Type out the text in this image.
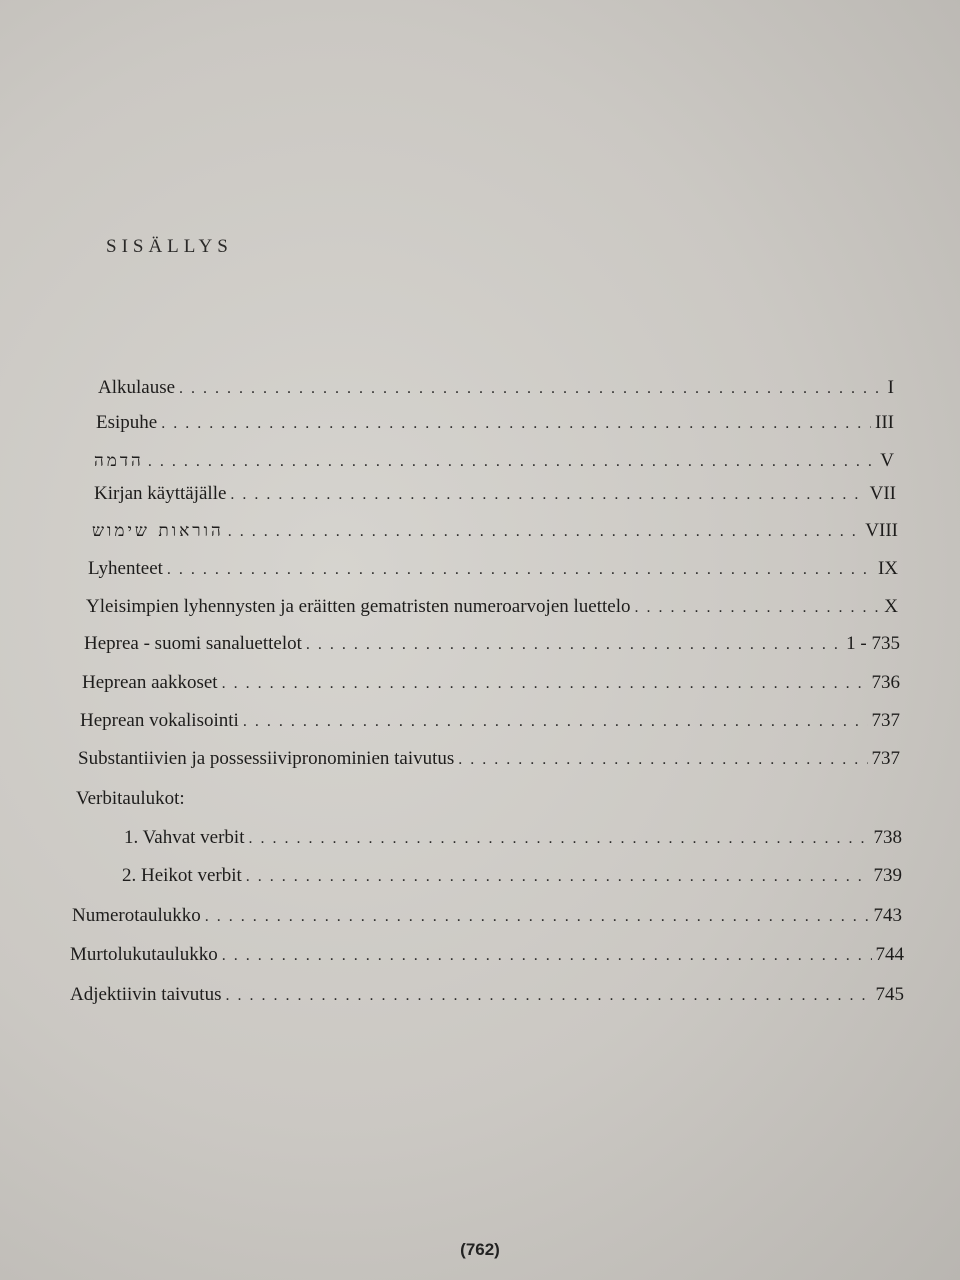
SISÄLLYS
Alkulause . . .	I
Esipuhe . . .	III
הדמה . . .	V
Kirjan käyttäjälle . . .	VII
הוראות שימוש . . .	VIII
Lyhenteet . . .	IX
Yleisimpien lyhennysten ja eräitten gematristen numeroarvojen luettelo . . .	X
Heprea - suomi sanaluettelot . . .	1 - 735
Heprean aakkoset . . .	736
Heprean vokalisointi . . .	737
Substantiivien ja possessiivipronominien taivutus . . .	737
Verbitaulukot:
1. Vahvat verbit . . .	738
2. Heikot verbit . . .	739
Numerotaulukko . . .	743
Murtolukutaulukko . . .	744
Adjektiivin taivutus . . .	745
(762)
